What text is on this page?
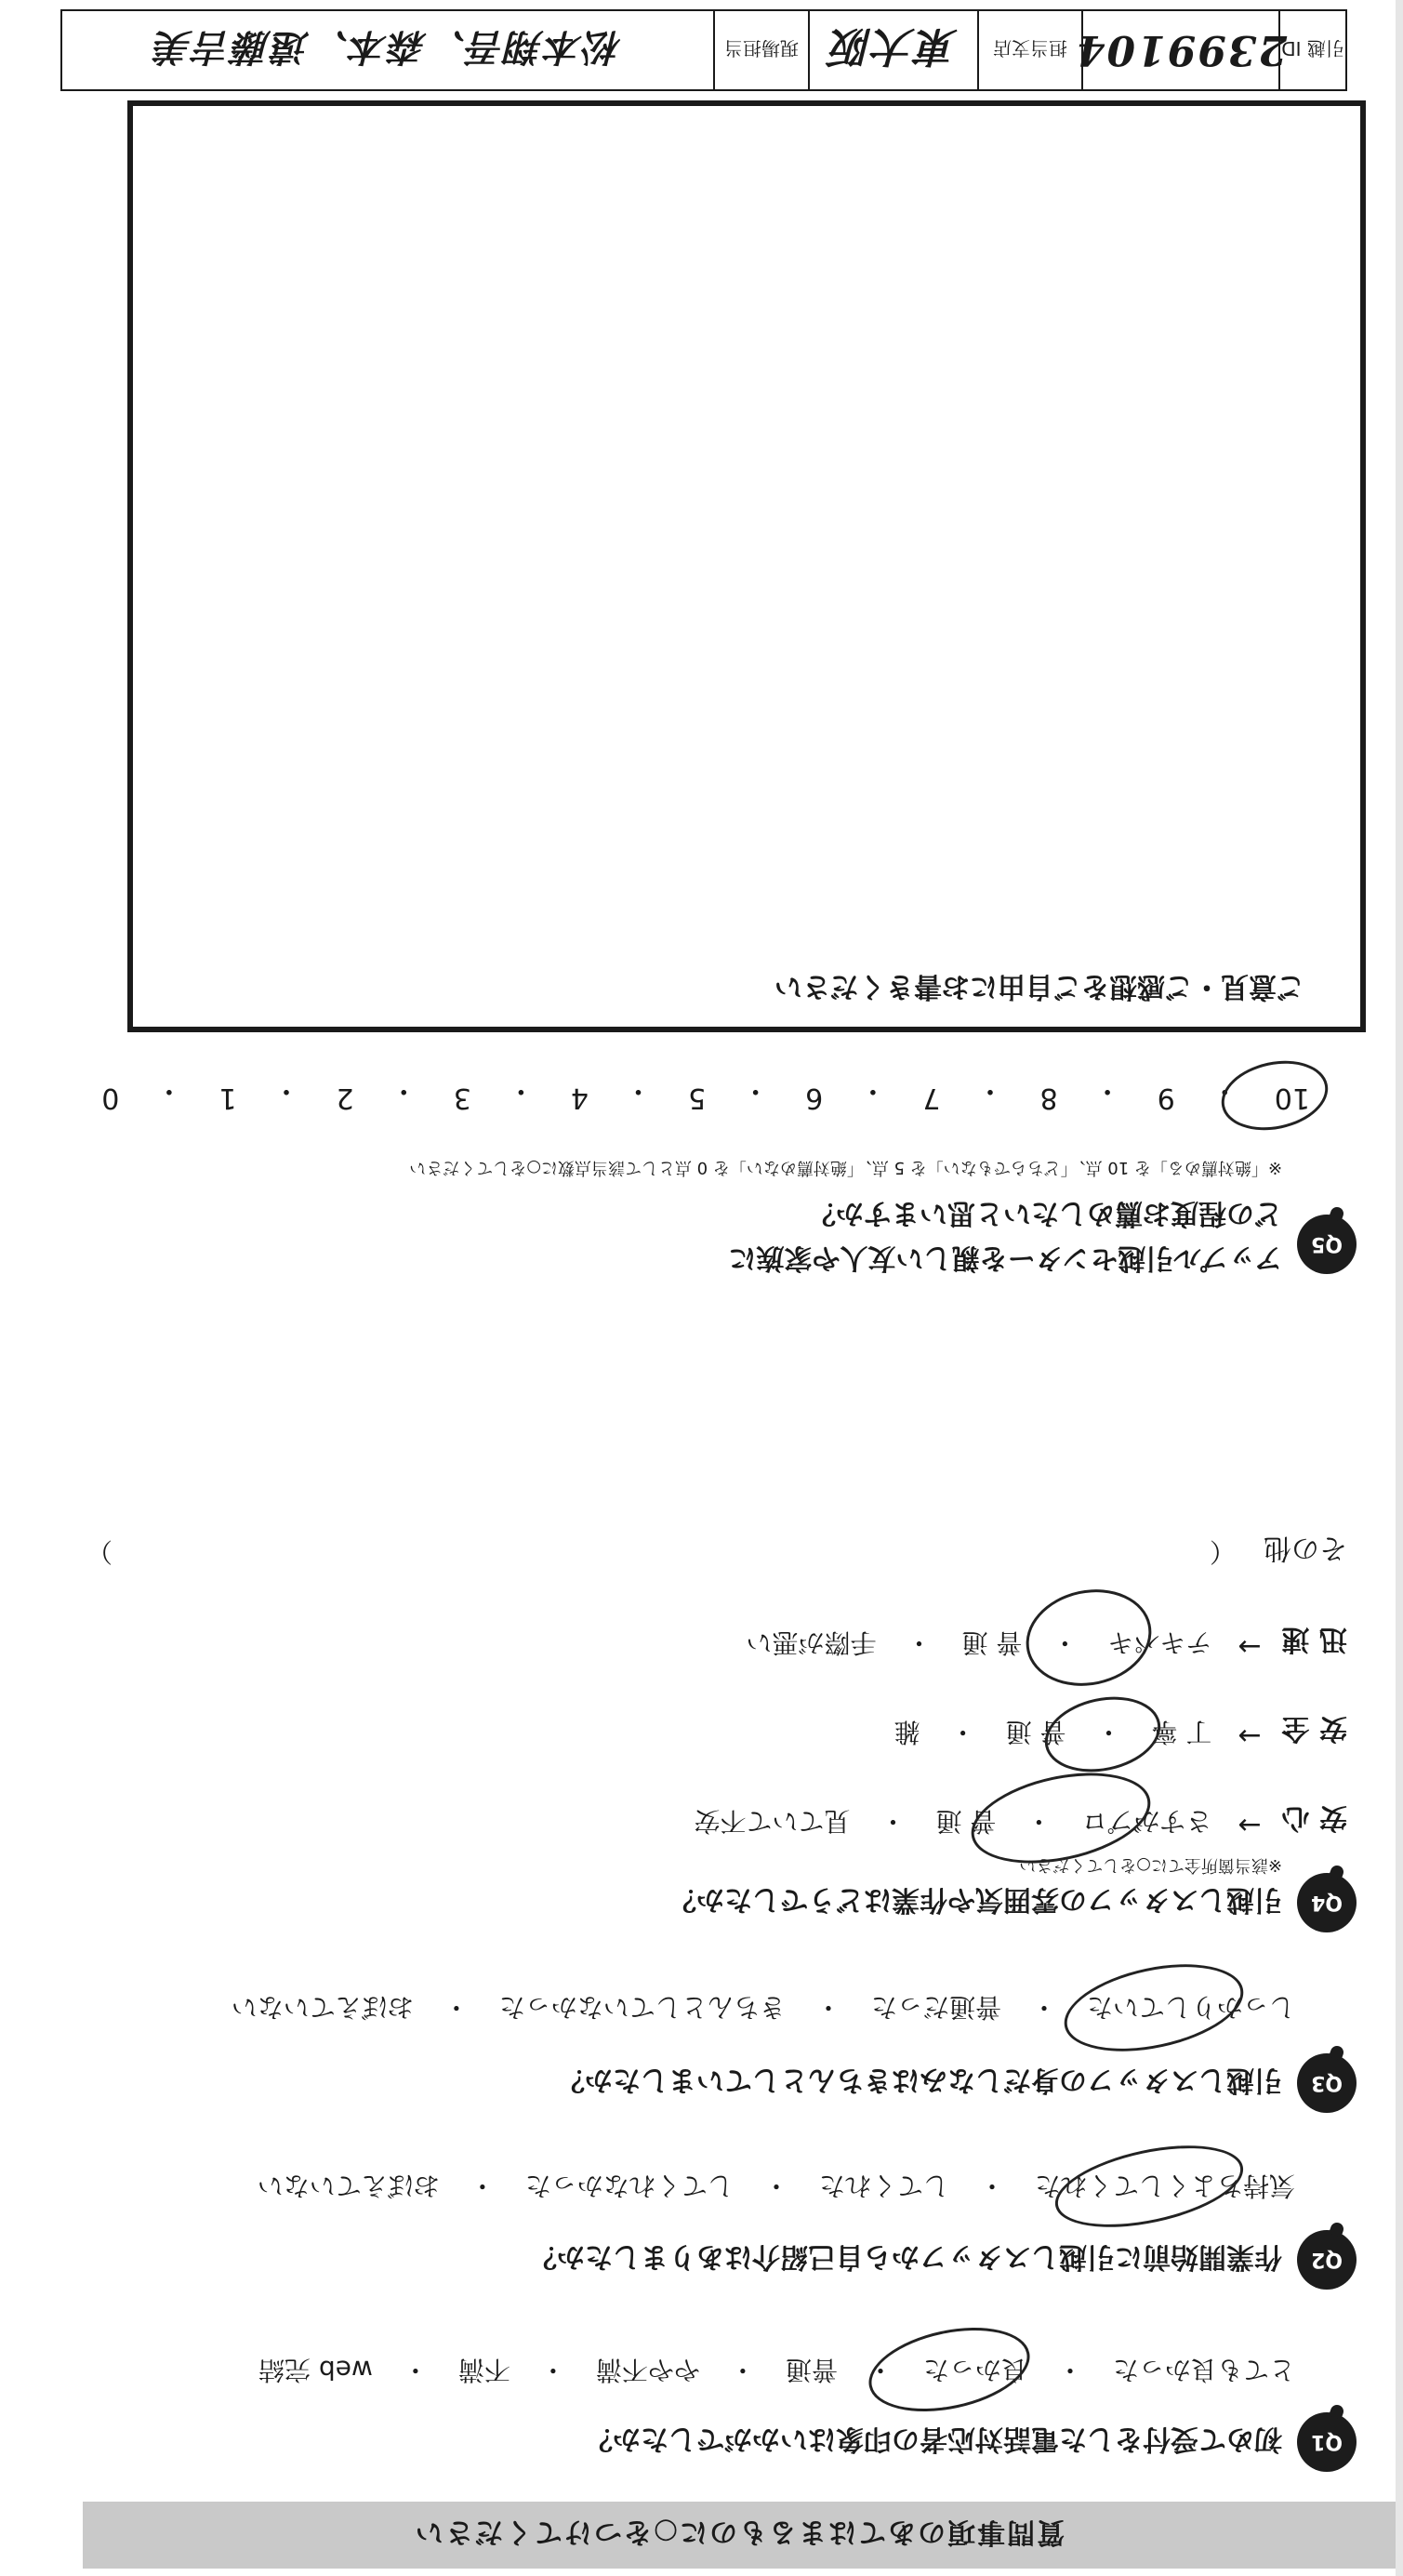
質問事項のあてはまるものに○をつけてください
Q1
初めて受付をした電話対応者の印象はいかがでしたか？
とても良かった
・
良かった
・
普通
・
やや不満
・
不満
・
web 完結
Q2
作業開始前に引越しスタッフから自己紹介はありましたか？
気持ちよくしてくれた
・
してくれた
・
してくれなかった
・
おぼえていない
Q3
引越しスタッフの身だしなみはきちんとしていましたか？
しっかりしていた
・
普通だった
・
きちんとしていなかった
・
おぼえていない
Q4
引越しスタッフの雰囲気や作業はどうでしたか？
※該当箇所全てに○をしてください
安 心
→
さすがプロ
・
普 通
・
見ていて不安
安 全
→
丁 寧
・
普 通
・
雑
迅 速
→
テキパキ
・
普 通
・
手際が悪い
その他
（
）
Q5
アップル引越センターを親しい友人や家族に
どの程度お薦めしたいと思いますか？
※「絶対薦める」を 10 点、「どちらでもない」を 5 点、「絶対薦めない」を 0 点として該当点数に○をしてください
10
・
9
・
8
・
7
・
6
・
5
・
4
・
3
・
2
・
1
・
0
ご意見・ご感想をご自由にお書きください
引越 ID
2399104
担当支店
東大阪
現場担当
松本翔吾、森本、遠藤吉美
